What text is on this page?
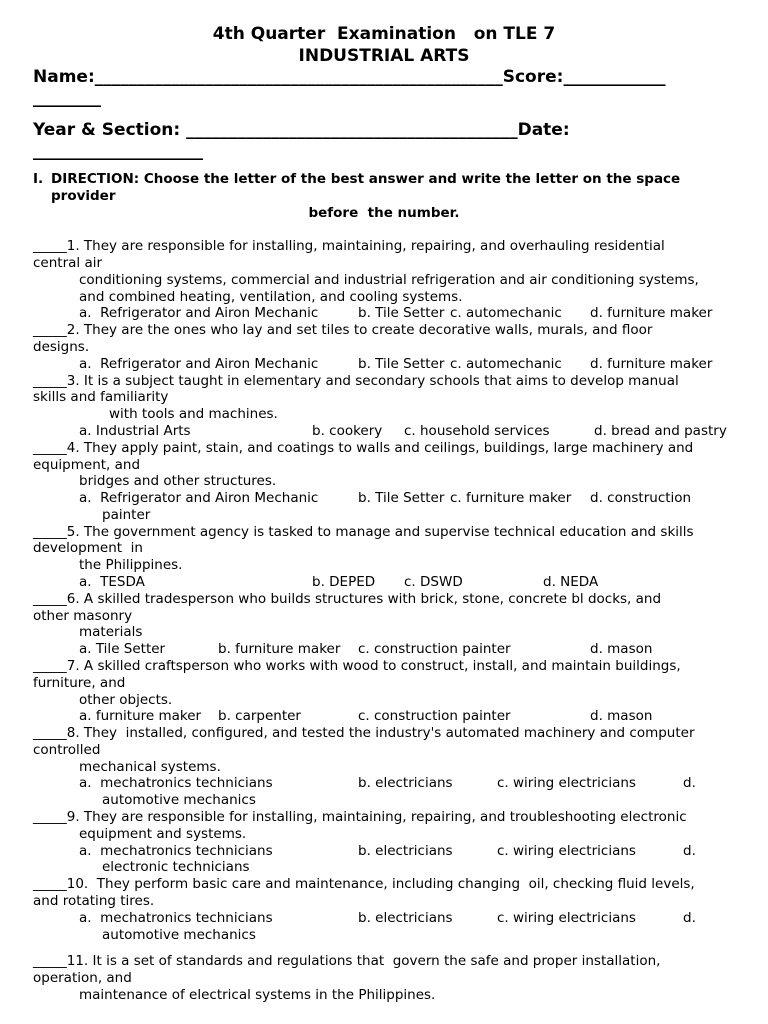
4th Quarter  Examination   on TLE 7
INDUSTRIAL ARTS
Name:________________________________________________Score:____________
________
Year & Section: _______________________________________Date:
____________________
I. DIRECTION: Choose the letter of the best answer and write the letter on the space
provider
before  the number.
_____1. They are responsible for installing, maintaining, repairing, and overhauling residential
central air
conditioning systems, commercial and industrial refrigeration and air conditioning systems,
and combined heating, ventilation, and cooling systems.
a.  Refrigerator and Airon Mechanic	b. Tile Setter c. automechanic d. furniture maker
_____2. They are the ones who lay and set tiles to create decorative walls, murals, and floor
designs.
a.  Refrigerator and Airon Mechanic	b. Tile Setter c. automechanic d. furniture maker
_____3. It is a subject taught in elementary and secondary schools that aims to develop manual
skills and familiarity
with tools and machines.
a. Industrial Arts	b. cookery c. household services	d. bread and pastry
_____4. They apply paint, stain, and coatings to walls and ceilings, buildings, large machinery and
equipment, and
bridges and other structures.
a.  Refrigerator and Airon Mechanic	b. Tile Setter c. furniture maker d. construction
painter
_____5. The government agency is tasked to manage and supervise technical education and skills
development  in
the Philippines.
a.  TESDA	b. DEPED c. DSWD	d. NEDA
_____6. A skilled tradesperson who builds structures with brick, stone, concrete bl docks, and
other masonry
materials
a. Tile Setter	b. furniture maker c. construction painter	d. mason
_____7. A skilled craftsperson who works with wood to construct, install, and maintain buildings,
furniture, and
other objects.
a. furniture maker b. carpenter	c. construction painter	d. mason
_____8. They  installed, configured, and tested the industry's automated machinery and computer
controlled
mechanical systems.
a.  mechatronics technicians	b. electricians	c. wiring electricians	d.
automotive mechanics
_____9. They are responsible for installing, maintaining, repairing, and troubleshooting electronic
equipment and systems.
a.  mechatronics technicians	b. electricians	c. wiring electricians	d.
electronic technicians
_____10.  They perform basic care and maintenance, including changing  oil, checking fluid levels,
and rotating tires.
a.  mechatronics technicians	b. electricians	c. wiring electricians	d.
automotive mechanics
_____11. It is a set of standards and regulations that  govern the safe and proper installation,
operation, and
maintenance of electrical systems in the Philippines.
